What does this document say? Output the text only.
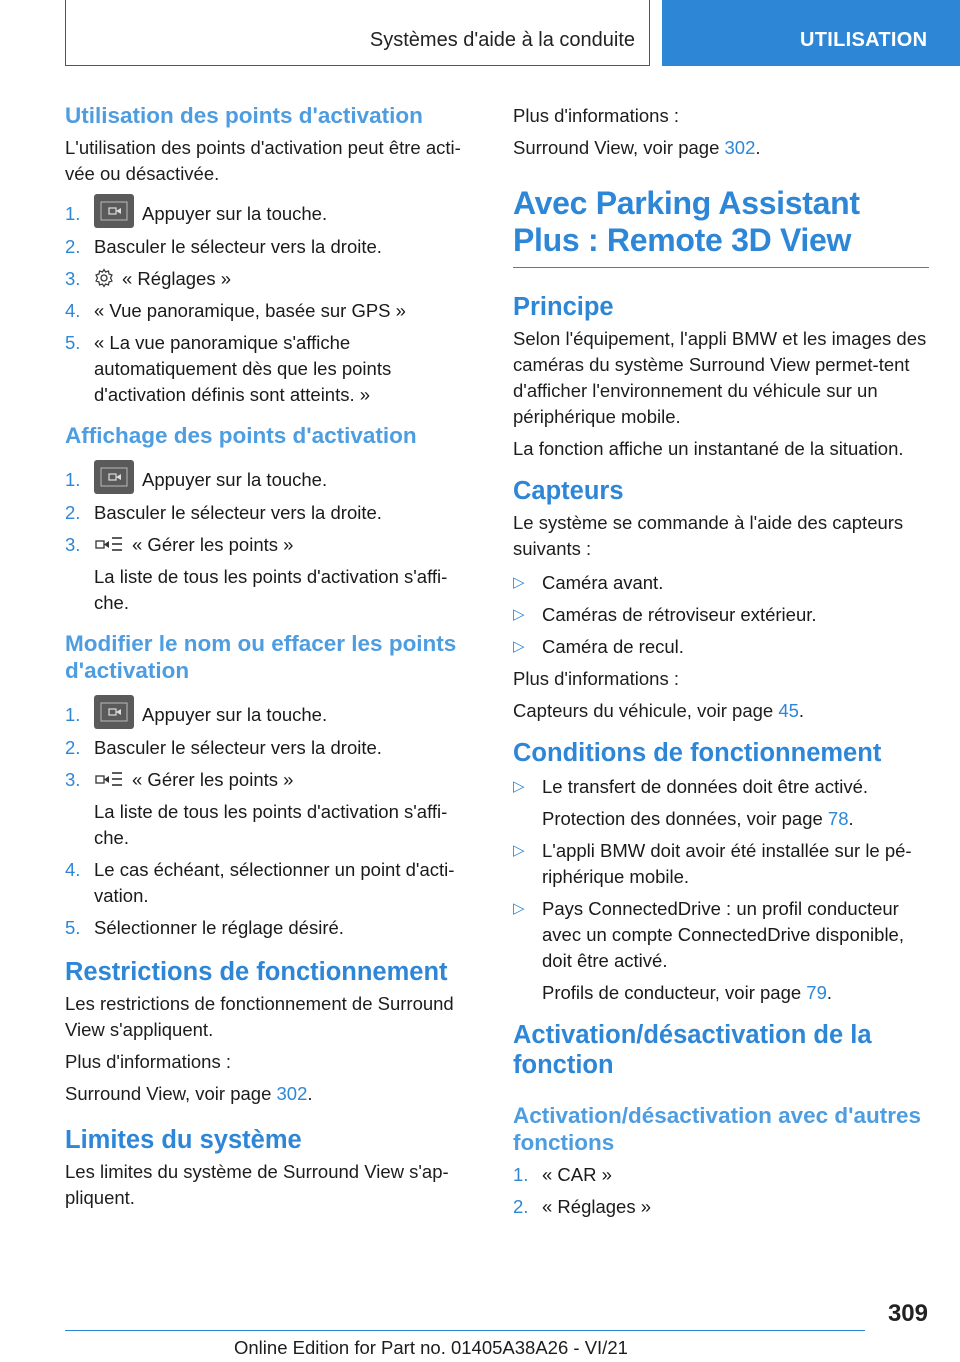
Systèmes d'aide à la conduite	UTILISATION
Utilisation des points d'activation

L'utilisation des points d'activation peut être acti-vée ou désactivée.

1.	Appuyer sur la touche.
2. Basculer le sélecteur vers la droite.
3. « Réglages »
4. « Vue panoramique, basée sur GPS »
5. « La vue panoramique s'affiche automatiquement dès que les points d'activation définis sont atteints. »
Affichage des points d'activation
1.	Appuyer sur la touche.
2. Basculer le sélecteur vers la droite.
3.	« Gérer les points »
La liste de tous les points d'activation s'affi-che.
Modifier le nom ou effacer les points d'activation
1.	Appuyer sur la touche.
2. Basculer le sélecteur vers la droite.
3.	« Gérer les points »
La liste de tous les points d'activation s'affi-che.
4. Le cas échéant, sélectionner un point d'acti-vation.
5. Sélectionner le réglage désiré.
Restrictions de fonctionnement

Les restrictions de fonctionnement de Surround View s'appliquent.

Plus d'informations :

Surround View, voir page 302.

Limites du système

Les limites du système de Surround View s'ap-pliquent.

Plus d'informations :

Surround View, voir page 302.

Avec Parking Assistant Plus : Remote 3D View
Principe

Selon l'équipement, l'appli BMW et les images des caméras du système Surround View permet-tent d'afficher l'environnement du véhicule sur un périphérique mobile.

La fonction affiche un instantané de la situation.

Capteurs

Le système se commande à l'aide des capteurs suivants :

▷ Caméra avant.
▷ Caméras de rétroviseur extérieur.
▷ Caméra de recul.

Plus d'informations :

Capteurs du véhicule, voir page 45.

Conditions de fonctionnement
▷ Le transfert de données doit être activé.
Protection des données, voir page 78.
▷ L'appli BMW doit avoir été installée sur le pé-riphérique mobile.
▷ Pays ConnectedDrive : un profil conducteur avec un compte ConnectedDrive disponible, doit être activé.
Profils de conducteur, voir page 79.
Activation/désactivation de la fonction
Activation/désactivation avec d'autres fonctions
1. « CAR »
2. « Réglages »
309
Online Edition for Part no. 01405A38A26 - VI/21
